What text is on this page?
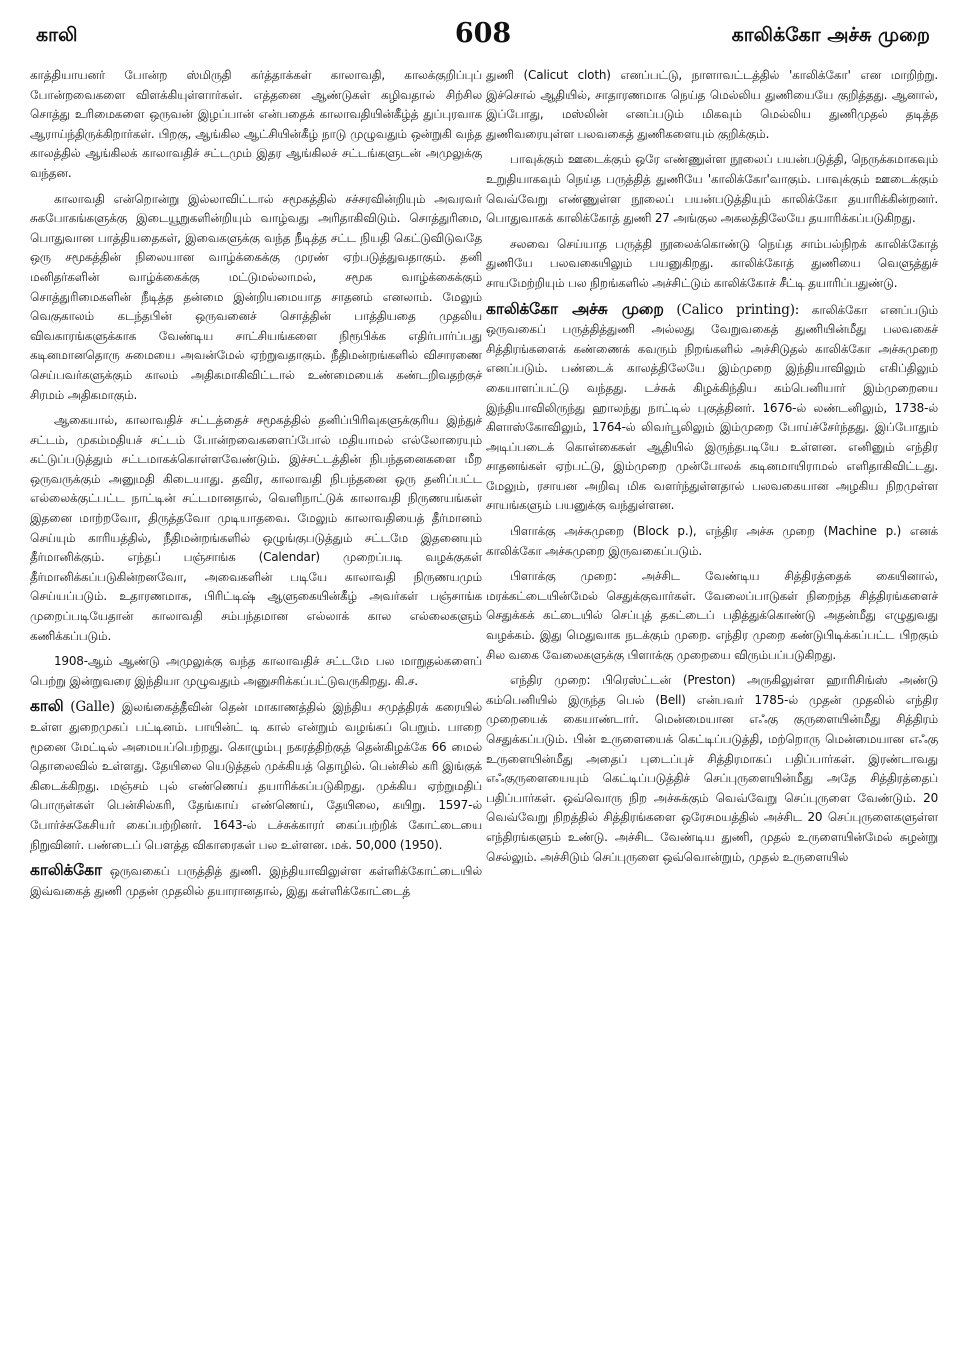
காலி	608	காலிக்கோ அச்சு முறை

காத்தியாயனர் போன்ற ஸ்மிருதி கர்த்தாக்கள் காலாவதி, காலக்குறிப்புப் போன்றவைகளை விளக்கியுள்ளார்கள். எத்தனை ஆண்டுகள் கழிவதால் சிற்சில சொத்து உரிமைகளை ஒருவன் இழப்பான் என்பதைக் காலாவதியின்கீழ்த் துப்புரவாக ஆராய்ந்திருக்கிறார்கள். பிறகு, ஆங்கில ஆட்சியின்கீழ் நாடு முழுவதும் ஒன்றுகி வந்த காலத்தில் ஆங்கிலக் காலாவதிச் சட்டமும் இதர ஆங்கிலச் சட்டங்களுடன் அமுலுக்கு வந்தன.

காலாவதி என்றொன்று இல்லாவிட்டால் சமூகத்தில் சச்சரவின்றியும் அவரவர் சுகபோகங்களுக்கு இடையூறுகளின்றியும் வாழ்வது அரிதாகிவிடும். சொத்துரிமை, பொதுவான பாத்தியதைகள், இவைகளுக்கு வந்த நீடித்த சட்ட நியதி கெட்டுவிடுவதே ஒரு சமூகத்தின் நிலையான வாழ்க்கைக்கு முரண் ஏற்படுத்துவதாகும். தனி மனிதர்களின் வாழ்க்கைக்கு மட்டுமல்லாமல், சமூக வாழ்க்கைக்கும் சொத்துரிமைகளின் நீடித்த தன்மை இன்றியமையாத சாதனம் எனலாம். மேலும் வெகுகாலம் கடந்தபின் ஒருவனைச் சொத்தின் பாத்தியதை முதலிய விவகாரங்களுக்காக வேண்டிய சாட்சியங்களை நிரூபிக்க எதிர்பார்ப்பது கடினமானதொரு சுமையை அவன்மேல் ஏற்றுவதாகும். நீதிமன்றங்களில் விசாரணை செய்பவர்களுக்கும் காலம் அதிகமாகிவிட்டால் உண்மையைக் கண்டறிவதற்குச் சிரமம் அதிகமாகும்.

ஆகையால், காலாவதிச் சட்டத்தைச் சமூகத்தில் தனிப்பிரிவுகளுக்குரிய இந்துச் சட்டம், முகம்மதியச் சட்டம் போன்றவைகளைப்போல் மதியாமல் எல்லோரையும் கட்டுப்படுத்தும் சட்டமாகக்கொள்ளவேண்டும். இச்சட்டத்தின் நிபந்தனைகளை மீற ஒருவருக்கும் அனுமதி கிடையாது. தவிர, காலாவதி நிபந்தனை ஒரு தனிப்பட்ட எல்லைக்குட்பட்ட நாட்டின் சட்டமானதால், வெளிநாட்டுக் காலாவதி நிருணயங்கள் இதனை மாற்றவோ, திருத்தவோ முடியாதவை. மேலும் காலாவதியைத் தீர்மானம் செய்யும் காரியத்தில், நீதிமன்றங்களில் ஒழுங்குபடுத்தும் சட்டமே இதனையும் தீர்மானிக்கும். எந்தப் பஞ்சாங்க (Calendar) முறைப்படி வழக்குகள் தீர்மானிக்கப்படுகின்றனவோ, அவைகளின் படியே காலாவதி நிருணயமும் செய்யப்படும். உதாரணமாக, பிரிட்டிஷ் ஆளுகையின்கீழ் அவர்கள் பஞ்சாங்க முறைப்படியேதான் காலாவதி சம்பந்தமான எல்லாக் கால எல்லைகளும் கணிக்கப்படும்.

1908-ஆம் ஆண்டு அமுலுக்கு வந்த காலாவதிச் சட்டமே பல மாறுதல்களைப் பெற்று இன்றுவரை இந்தியா முழுவதும் அனுசரிக்கப்பட்டுவருகிறது. கி.ச.

காலி (Galle) இலங்கைத்தீவின் தென் மாகாணத்தில் இந்திய சமுத்திரக் கரையில் உள்ள துறைமுகப் பட்டினம். பாயின்ட் டி கால் என்றும் வழங்கப் பெறும். பாறை மூனை மேட்டில் அமையப்பெற்றது. கொழும்பு நகரத்திற்குத் தென்கிழக்கே 66 மைல் தொலைவில் உள்ளது. தேயிலை யெடுத்தல் முக்கியத் தொழில். பென்சில் கரி இங்குக் கிடைக்கிறது. மஞ்சம் புல் எண்ணெய் தயாரிக்கப்படுகிறது. முக்கிய ஏற்றுமதிப் பொருள்கள் பென்சில்கரி, தேங்காய் எண்ணெய், தேயிலை, கயிறு. 1597-ல் போர்ச்சுகேசியர் கைப்பற்றினர். 1643-ல் டச்சுக்காரர் கைப்பற்றிக் கோட்டையை நிறுவினர். பண்டைப் பௌத்த விகாரைகள் பல உள்ளன. மக். 50,000 (1950).

காலிக்கோ ஒருவகைப் பருத்தித் துணி. இந்தியாவிலுள்ள கள்ளிக்கோட்டையில் இவ்வகைத் துணி முதன் முதலில் தயாரானதால், இது கள்ளிக்கோட்டைத்

துணி (Calicut cloth) எனப்பட்டு, நாளாவட்டத்தில் 'காலிக்கோ' என மாறிற்று. இச்சொல் ஆதியில், சாதாரணமாக நெய்த மெல்லிய துணியையே குறித்தது. ஆனால், இப்போது, மஸ்லின் எனப்படும் மிகவும் மெல்லிய துணிமுதல் தடித்த துணிவரையுள்ள பலவகைத் துணிகளையும் குறிக்கும்.

பாவுக்கும் ஊடைக்கும் ஒரே எண்ணுள்ள நூலைப் பயன்படுத்தி, நெருக்கமாகவும் உறுதியாகவும் நெய்த பருத்தித் துணியே 'காலிக்கோ'வாகும். பாவுக்கும் ஊடைக்கும் வெவ்வேறு எண்ணுள்ள நூலைப் பயன்படுத்தியும் காலிக்கோ தயாரிக்கின்றனர். பொதுவாகக் காலிக்கோத் துணி 27 அங்குல அகலத்திலேயே தயாரிக்கப்படுகிறது.

சலவை செய்யாத பருத்தி நூலைக்கொண்டு நெய்த சாம்பல்நிறக் காலிக்கோத் துணியே பலவகையிலும் பயனுகிறது. காலிக்கோத் துணியை வெளுத்துச் சாயமேற்றியும் பல நிறங்களில் அச்சிட்டும் காலிக்கோச் சீட்டி தயாரிப்பதுண்டு.

காலிக்கோ அச்சு முறை (Calico printing): காலிக்கோ எனப்படும் ஒருவகைப் பருத்தித்துணி அல்லது வேறுவகைத் துணியின்மீது பலவகைச் சித்திரங்களைக் கண்ணைக் கவரும் நிறங்களில் அச்சிடுதல் காலிக்கோ அச்சுமுறை எனப்படும். பண்டைக் காலத்திலேயே இம்முறை இந்தியாவிலும் எகிப்திலும் கையாளப்பட்டு வந்தது. டச்சுக் கிழக்கிந்திய கம்பெனியார் இம்முறையை இந்தியாவிலிருந்து ஹாலந்து நாட்டில் புகுத்தினர். 1676-ல் லண்டனிலும், 1738-ல் கிளாஸ்கோவிலும், 1764-ல் லிவர்பூலிலும் இம்முறை போய்ச்சேர்ந்தது. இப்போதும் அடிப்படைக் கொள்கைகள் ஆதியில் இருந்தபடியே உள்ளன. எனினும் எந்திர சாதனங்கள் ஏற்பட்டு, இம்முறை முன்போலக் கடினமாயிராமல் எளிதாகிவிட்டது. மேலும், ரசாயன அறிவு மிக வளர்ந்துள்ளதால் பலவகையான அழகிய நிறமுள்ள சாயங்களும் பயனுக்கு வந்துள்ளன.

பிளாக்கு அச்சுமுறை (Block p.), எந்திர அச்சு முறை (Machine p.) எனக் காலிக்கோ அச்சுமுறை இருவகைப்படும்.

பிளாக்கு முறை: அச்சிட வேண்டிய சித்திரத்தைக் கையினால், மரக்கட்டையின்மேல் செதுக்குவார்கள். வேலைப்பாடுகள் நிறைந்த சித்திரங்களைச் செதுக்கக் கட்டையில் செப்புத் தகட்டைப் பதித்துக்கொண்டு அதன்மீது எழுதுவது வழக்கம். இது மெதுவாக நடக்கும் முறை. எந்திர முறை கண்டுபிடிக்கப்பட்ட பிறகும் சில வகை வேலைகளுக்கு பிளாக்கு முறையை விரும்பப்படுகிறது.

எந்திர முறை: பிரெஸ்ட்டன் (Preston) அருகிலுள்ள ஹாரிசிங்ஸ் அண்டு கம்பெனியில் இருந்த பெல் (Bell) என்பவர் 1785-ல் முதன் முதலில் எந்திர முறையைக் கையாண்டார். மென்மையான எஃகு குருளையின்மீது சித்திரம் செதுக்கப்படும். பின் உருளையைக் கெட்டிப்படுத்தி, மற்றொரு மென்மையான எஃகு உருளையின்மீது அதைப் புடைப்புச் சித்திரமாகப் பதிப்பார்கள். இரண்டாவது எஃகுருளையையும் கெட்டிப்படுத்திச் செப்புருளையின்மீது அதே சித்திரத்தைப் பதிப்பார்கள். ஒவ்வொரு நிற அச்சுக்கும் வெவ்வேறு செப்புருளை வேண்டும். 20 வெவ்வேறு நிறத்தில் சித்திரங்களை ஒரேசமயத்தில் அச்சிட 20 செப்புருளைகளுள்ள எந்திரங்களும் உண்டு. அச்சிட வேண்டிய துணி, முதல் உருளையின்மேல் சுழன்று செல்லும். அச்சிடும் செப்புருளை ஒவ்வொன்றும், முதல் உருளையில்
